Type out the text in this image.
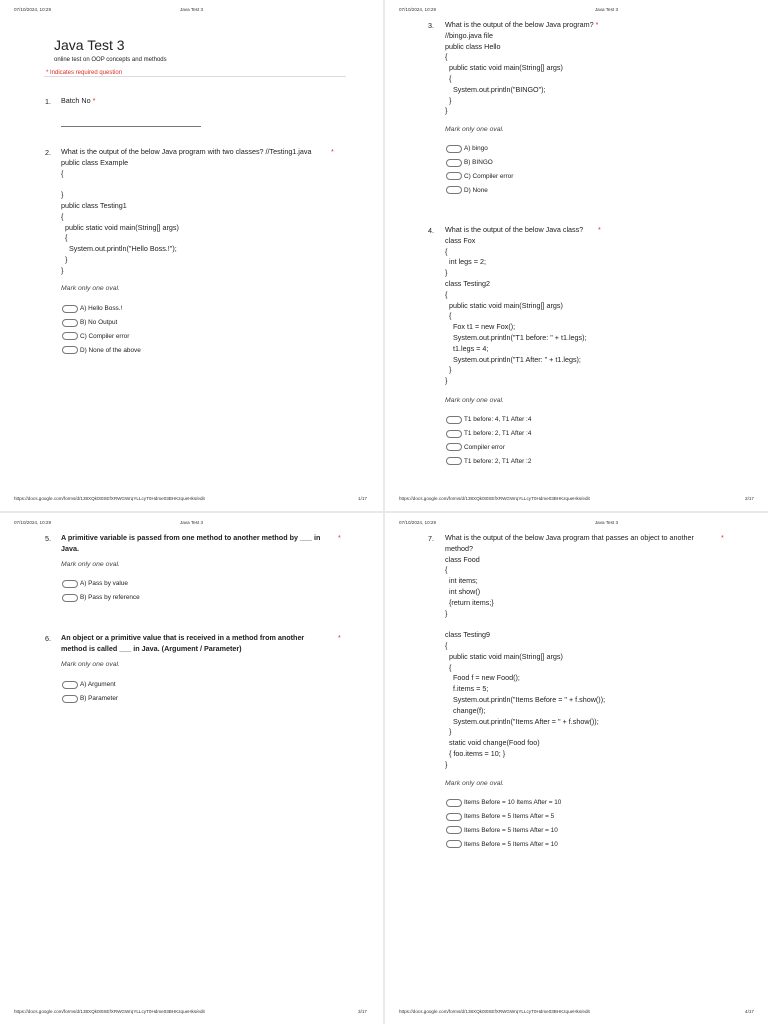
07/10/2024, 10:29	Java Test 3
Java Test 3
online test on OOP concepts and methods
* Indicates required question
1. Batch No *
2. What is the output of the below Java program with two classes? //Testing1.java
public class Example
{

}
public class Testing1
{
public static void main(String[] args)
{
System.out.println("Hello Boss.!");
}
}
*
Mark only one oval.
A) Hello Boss.!
B) No Output
C) Compiler error
D) None of the above
https://docs.google.com/forms/d/138XQk0t0SEfXRWGWrqYLLcyT0Hdme03BHKzqueHks/edit	1/17
07/10/2024, 10:29	Java Test 3
3. What is the output of the below Java program? *
//bingo.java file
public class Hello
{
public static void main(String[] args)
{
System.out.println("BINGO");
}
}
Mark only one oval.
A) bingo
B) BINGO
C) Compiler error
D) None
4. What is the output of the below Java class?
class Fox
{
int legs = 2;
}
class Testing2
{
public static void main(String[] args)
{
Fox t1 = new Fox();
System.out.println("T1 before: " + t1.legs);
t1.legs = 4;
System.out.println("T1 After: " + t1.legs);
}
}
*
Mark only one oval.
T1 before: 4, T1 After :4
T1 before: 2, T1 After :4
Compiler error
T1 before: 2, T1 After :2
https://docs.google.com/forms/d/138XQk0t0SEfXRWGWrqYLLcyT0Hdme03BHKzqueHks/edit	2/17
07/10/2024, 10:29	Java Test 3
5. A primitive variable is passed from one method to another method by ___ in Java.
*
Mark only one oval.
A) Pass by value
B) Pass by reference
6. An object or a primitive value that is received in a method from another method is called ___ in Java. (Argument / Parameter)
*
Mark only one oval.
A) Argument
B) Parameter
https://docs.google.com/forms/d/138XQk0t0SEfXRWGWrqYLLcyT0Hdme03BHKzqueHks/edit	3/17
07/10/2024, 10:29	Java Test 3
7. What is the output of the below Java program that passes an object to another
method?
class Food
{
int items;
int show()
{return items;}
}

class Testing9
{
public static void main(String[] args)
{
Food f = new Food();
f.items = 5;
System.out.println("Items Before = " + f.show());
change(f);
System.out.println("Items After = " + f.show());
}
static void change(Food foo)
{ foo.items = 10; }
}
*
Mark only one oval.
Items Before = 10 Items After = 10
Items Before = 5 Items After = 5
Items Before = 5 Items After = 10
Items Before = 5 Items After = 10
https://docs.google.com/forms/d/138XQk0t0SEfXRWGWrqYLLcyT0Hdme03BHKzqueHks/edit	4/17
